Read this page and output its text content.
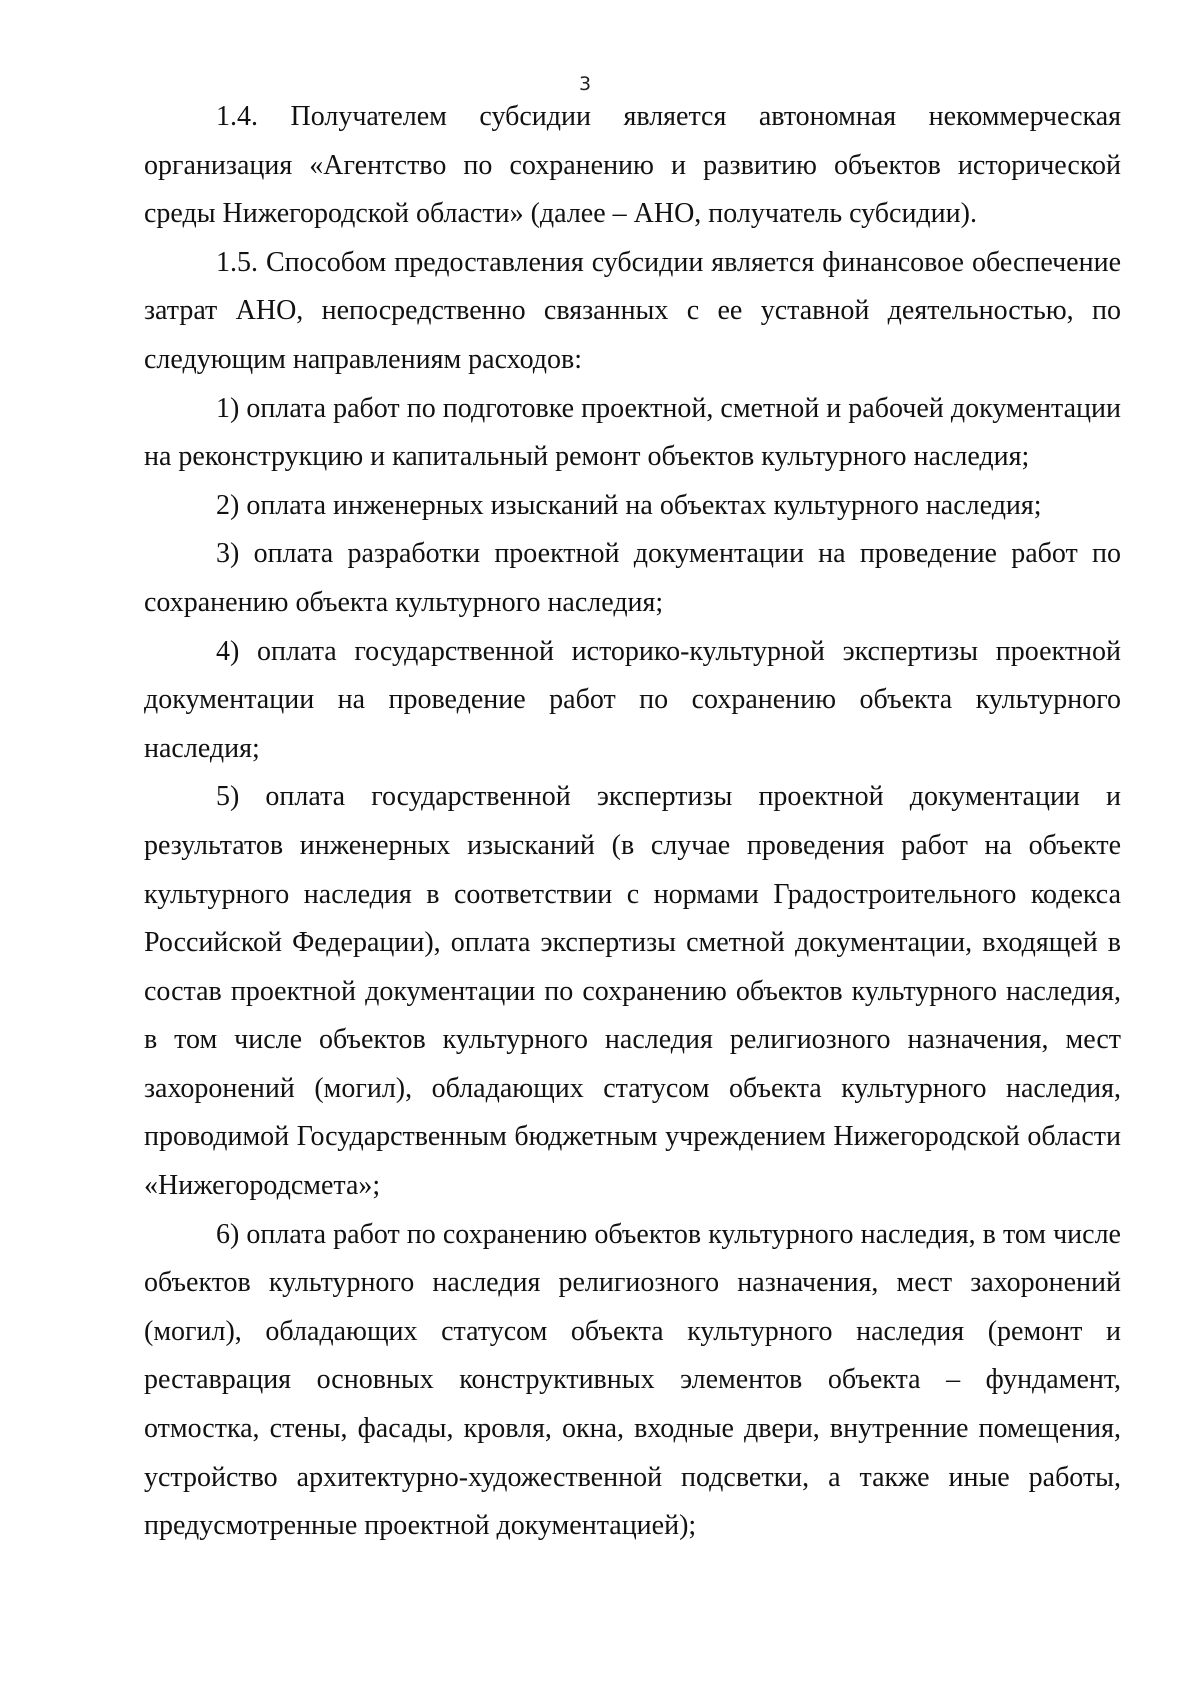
3

1.4. Получателем субсидии является автономная некоммерческая организация «Агентство по сохранению и развитию объектов исторической среды Нижегородской области» (далее – АНО, получатель субсидии).

1.5. Способом предоставления субсидии является финансовое обеспечение затрат АНО, непосредственно связанных с ее уставной деятельностью, по следующим направлениям расходов:

1) оплата работ по подготовке проектной, сметной и рабочей документации на реконструкцию и капитальный ремонт объектов культурного наследия;

2) оплата инженерных изысканий на объектах культурного наследия;

3) оплата разработки проектной документации на проведение работ по сохранению объекта культурного наследия;

4) оплата государственной историко-культурной экспертизы проектной документации на проведение работ по сохранению объекта культурного наследия;

5) оплата государственной экспертизы проектной документации и результатов инженерных изысканий (в случае проведения работ на объекте культурного наследия в соответствии с нормами Градостроительного кодекса Российской Федерации), оплата экспертизы сметной документации, входящей в состав проектной документации по сохранению объектов культурного наследия, в том числе объектов культурного наследия религиозного назначения, мест захоронений (могил), обладающих статусом объекта культурного наследия, проводимой Государственным бюджетным учреждением Нижегородской области «Нижегородсмета»;

6) оплата работ по сохранению объектов культурного наследия, в том числе объектов культурного наследия религиозного назначения, мест захоронений (могил), обладающих статусом объекта культурного наследия (ремонт и реставрация основных конструктивных элементов объекта – фундамент, отмостка, стены, фасады, кровля, окна, входные двери, внутренние помещения, устройство архитектурно-художественной подсветки, а также иные работы, предусмотренные проектной документацией);
